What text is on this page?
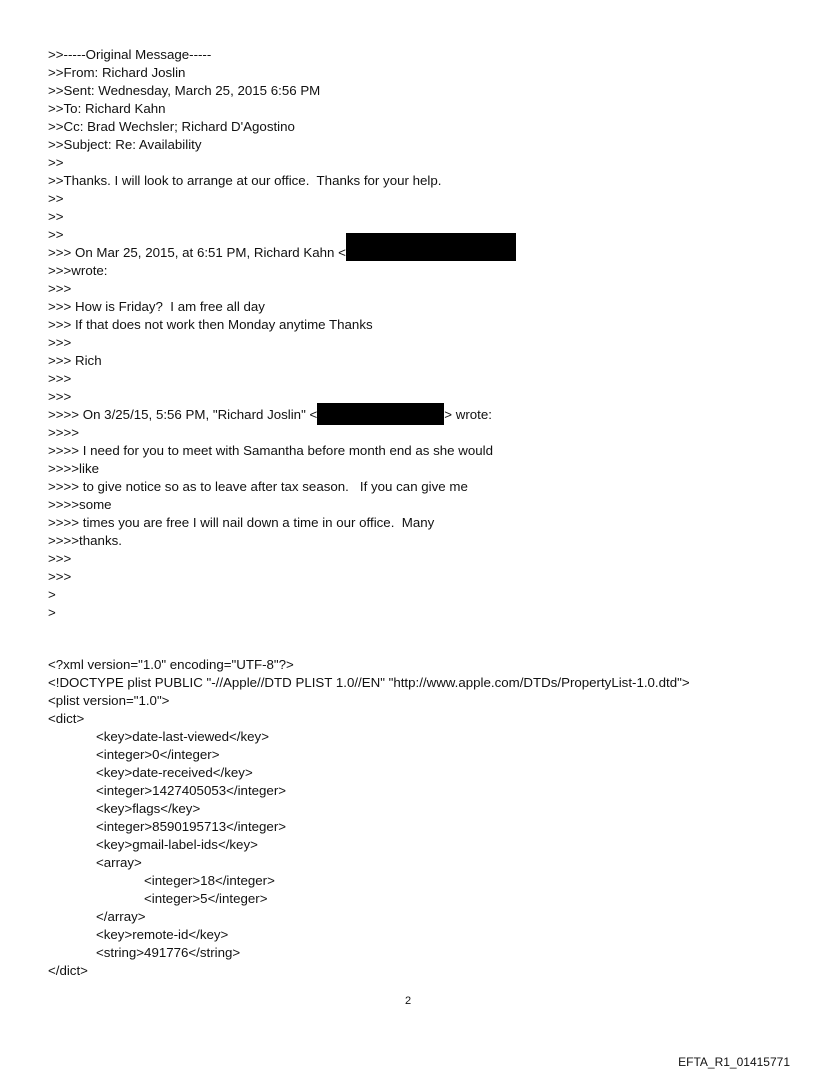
>>-----Original Message-----
>>From: Richard Joslin
>>Sent: Wednesday, March 25, 2015 6:56 PM
>>To: Richard Kahn
>>Cc: Brad Wechsler; Richard D'Agostino
>>Subject: Re: Availability
>>
>>Thanks. I will look to arrange at our office.  Thanks for your help.
>>
>>
>>
>>> On Mar 25, 2015, at 6:51 PM, Richard Kahn <
>>>wrote:
>>>
>>> How is Friday?  I am free all day
>>> If that does not work then Monday anytime Thanks
>>>
>>> Rich
>>>
>>>
>>>> On 3/25/15, 5:56 PM, "Richard Joslin" <	> wrote:
>>>>
>>>> I need for you to meet with Samantha before month end as she would
>>>>like
>>>> to give notice so as to leave after tax season.   If you can give me
>>>>some
>>>> times you are free I will nail down a time in our office.  Many
>>>>thanks.
>>>
>>>
>
>
<?xml version="1.0" encoding="UTF-8"?>
<!DOCTYPE plist PUBLIC "-//Apple//DTD PLIST 1.0//EN" "http://www.apple.com/DTDs/PropertyList-1.0.dtd">
<plist version="1.0">
<dict>
<key>date-last-viewed</key>
<integer>0</integer>
<key>date-received</key>
<integer>1427405053</integer>
<key>flags</key>
<integer>8590195713</integer>
<key>gmail-label-ids</key>
<array>
<integer>18</integer>
<integer>5</integer>
</array>
<key>remote-id</key>
<string>491776</string>
</dict>
2
EFTA_R1_01415771
